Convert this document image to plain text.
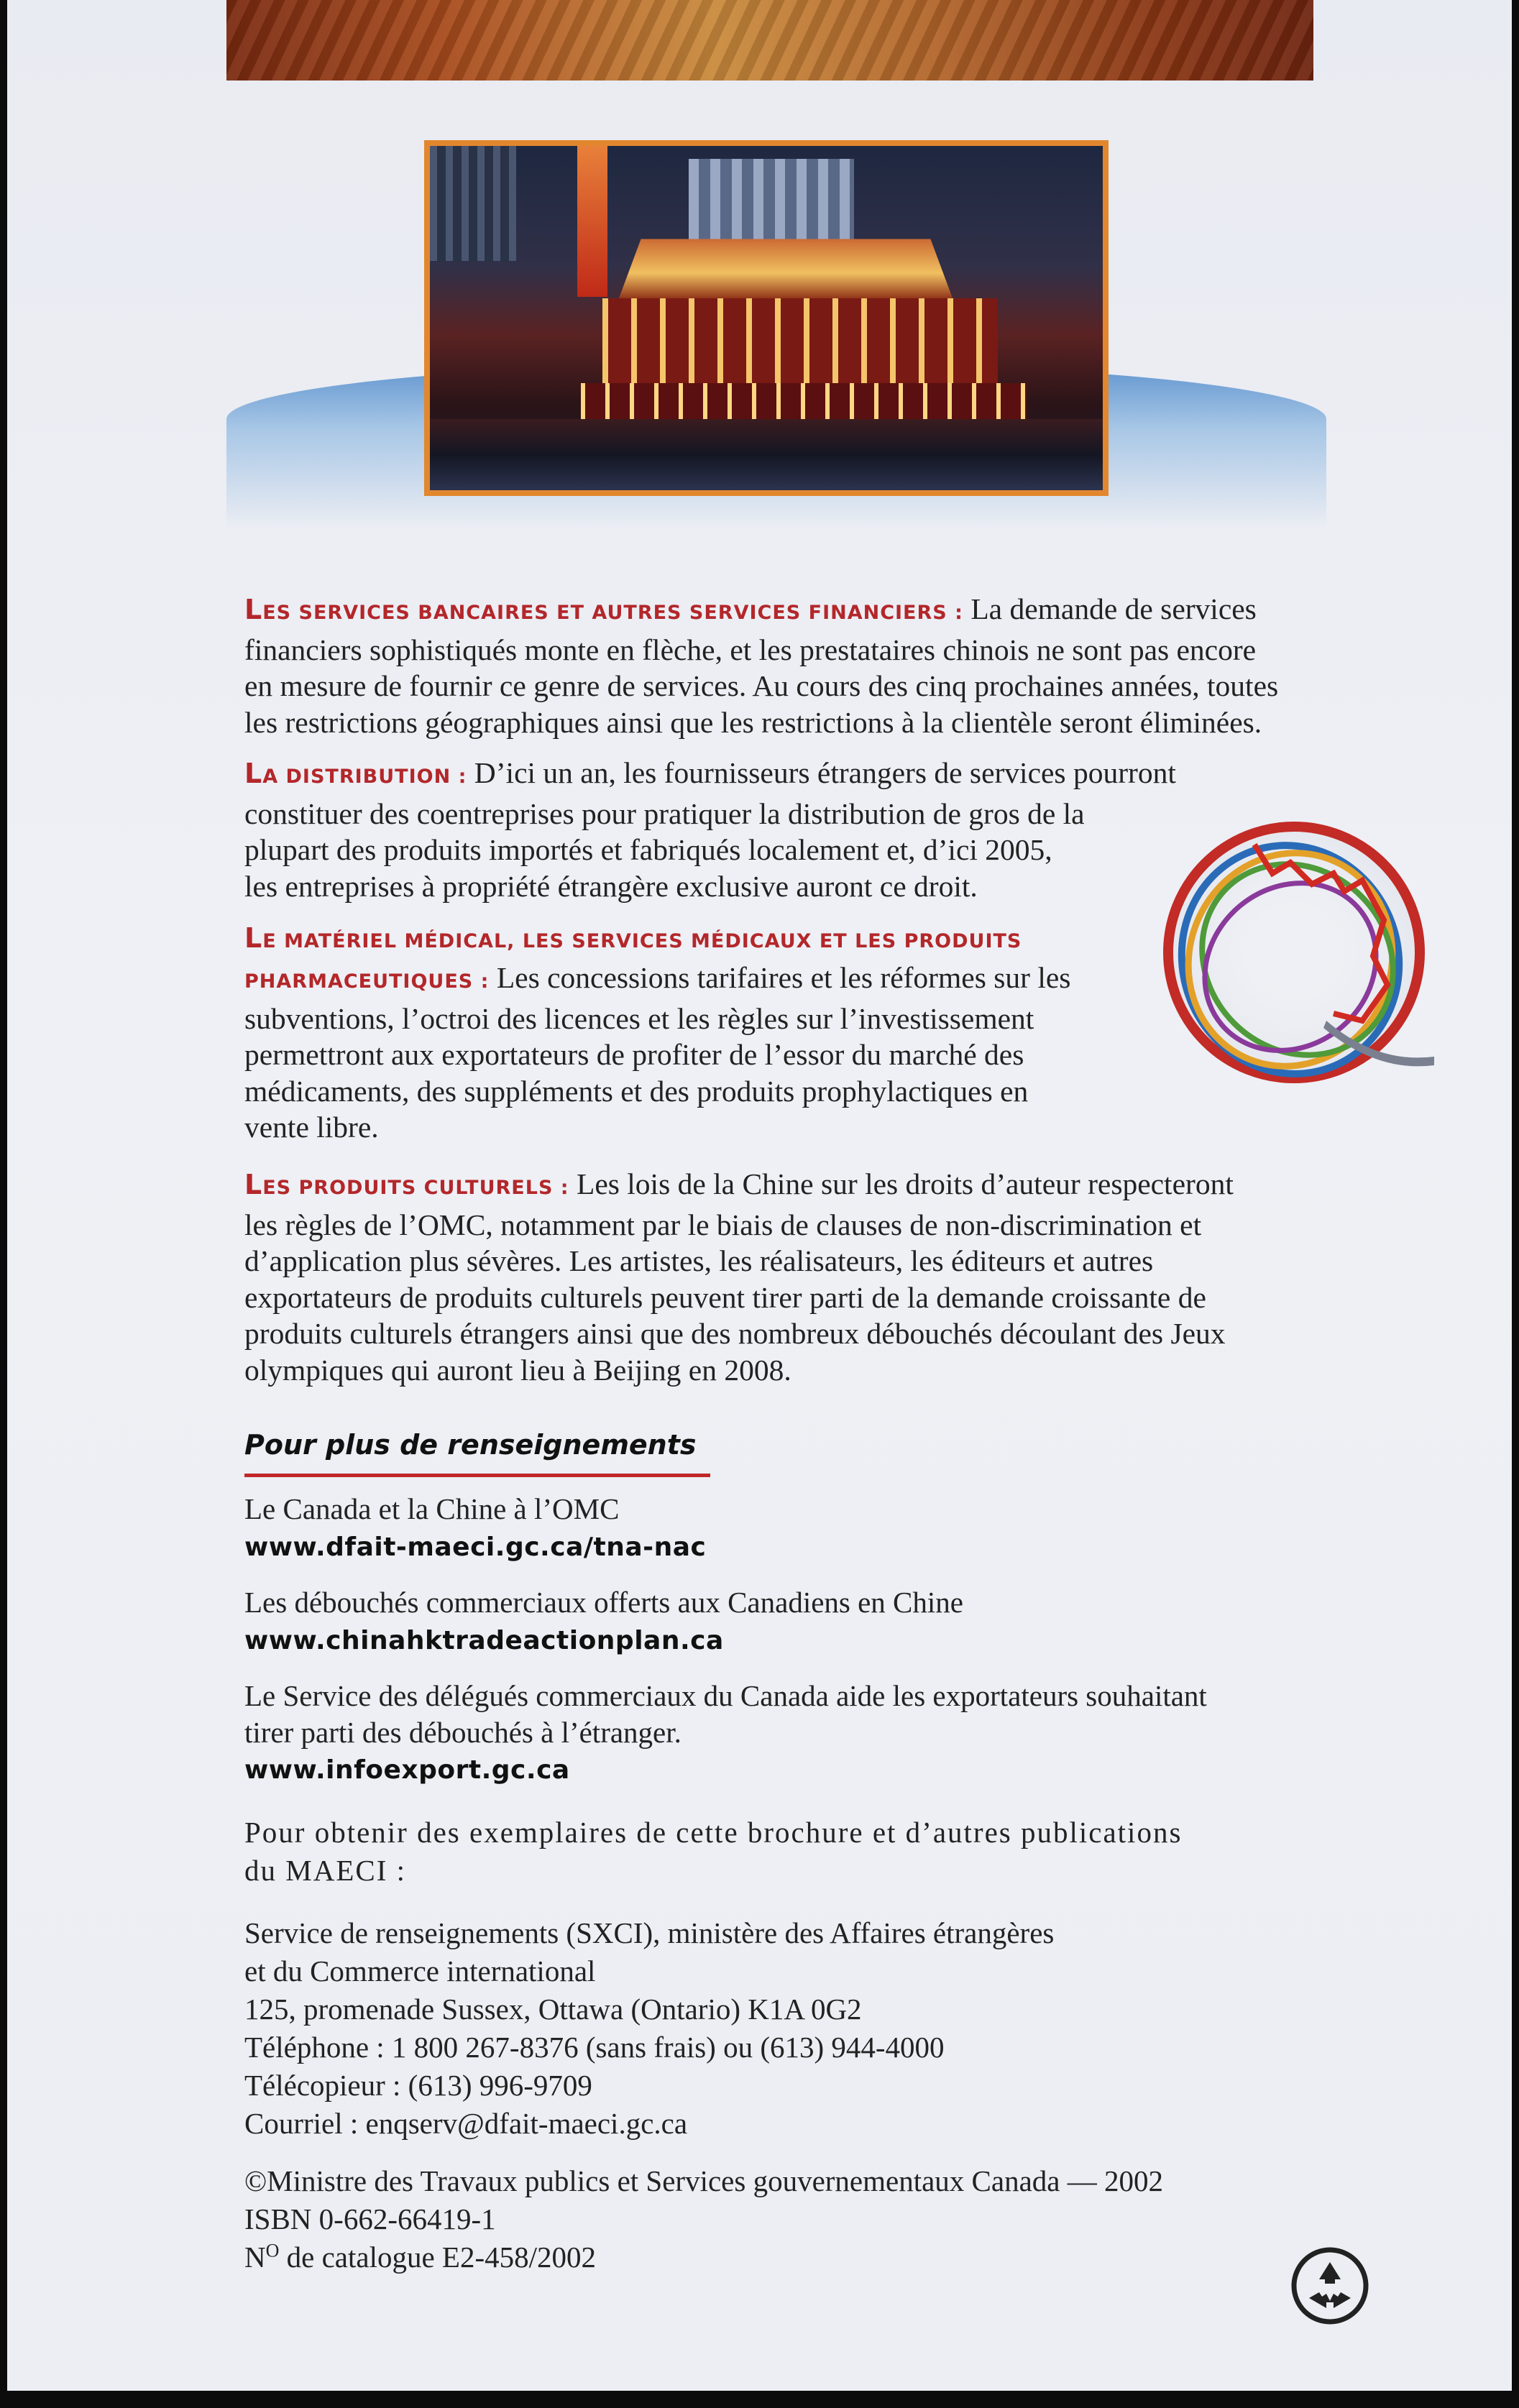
LES SERVICES BANCAIRES ET AUTRES SERVICES FINANCIERS : La demande de services

financiers sophistiqués monte en flèche, et les prestataires chinois ne sont pas encore

en mesure de fournir ce genre de services. Au cours des cinq prochaines années, toutes

les restrictions géographiques ainsi que les restrictions à la clientèle seront éliminées.

LA DISTRIBUTION : D’ici un an, les fournisseurs étrangers de services pourront

constituer des coentreprises pour pratiquer la distribution de gros de la

plupart des produits importés et fabriqués localement et, d’ici 2005,

les entreprises à propriété étrangère exclusive auront ce droit.

LE MATÉRIEL MÉDICAL, LES SERVICES MÉDICAUX ET LES PRODUITS

PHARMACEUTIQUES : Les concessions tarifaires et les réformes sur les

subventions, l’octroi des licences et les règles sur l’investissement

permettront aux exportateurs de profiter de l’essor du marché des

médicaments, des suppléments et des produits prophylactiques en

vente libre.

LES PRODUITS CULTURELS : Les lois de la Chine sur les droits d’auteur respecteront

les règles de l’OMC, notamment par le biais de clauses de non-discrimination et

d’application plus sévères. Les artistes, les réalisateurs, les éditeurs et autres

exportateurs de produits culturels peuvent tirer parti de la demande croissante de

produits culturels étrangers ainsi que des nombreux débouchés découlant des Jeux

olympiques qui auront lieu à Beijing en 2008.

Pour plus de renseignements
Le Canada et la Chine à l’OMC
www.dfait-maeci.gc.ca/tna-nac
Les débouchés commerciaux offerts aux Canadiens en Chine
www.chinahktradeactionplan.ca
Le Service des délégués commerciaux du Canada aide les exportateurs souhaitant
tirer parti des débouchés à l’étranger.
www.infoexport.gc.ca
Pour obtenir des exemplaires de cette brochure et d’autres publications
du MAECI :
Service de renseignements (SXCI), ministère des Affaires étrangères
et du Commerce international
125, promenade Sussex, Ottawa (Ontario) K1A 0G2
Téléphone : 1 800 267-8376 (sans frais) ou (613) 944-4000
Télécopieur : (613) 996-9709
Courriel : enqserv@dfait-maeci.gc.ca
©Ministre des Travaux publics et Services gouvernementaux Canada — 2002
ISBN 0-662-66419-1
$N^O$ de catalogue E2-458/2002
